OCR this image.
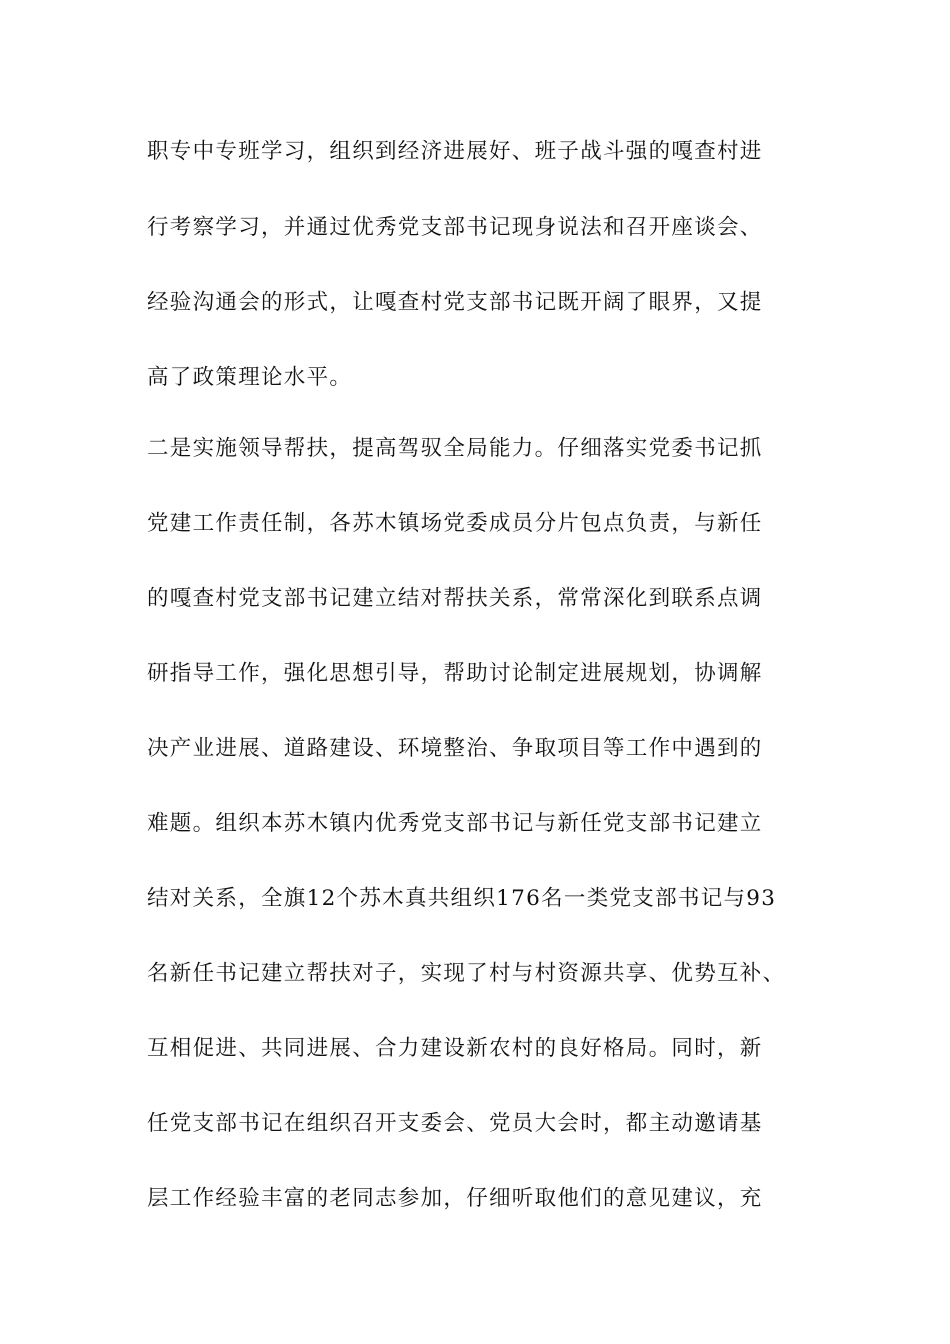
职专中专班学习，组织到经济进展好、班子战斗强的嘎查村进
行考察学习，并通过优秀党支部书记现身说法和召开座谈会、
经验沟通会的形式，让嘎查村党支部书记既开阔了眼界，又提
高了政策理论水平。
二是实施领导帮扶，提高驾驭全局能力。仔细落实党委书记抓
党建工作责任制，各苏木镇场党委成员分片包点负责，与新任
的嘎查村党支部书记建立结对帮扶关系，常常深化到联系点调
研指导工作，强化思想引导，帮助讨论制定进展规划，协调解
决产业进展、道路建设、环境整治、争取项目等工作中遇到的
难题。组织本苏木镇内优秀党支部书记与新任党支部书记建立
结对关系，全旗12个苏木真共组织176名一类党支部书记与93
名新任书记建立帮扶对子，实现了村与村资源共享、优势互补、
互相促进、共同进展、合力建设新农村的良好格局。同时，新
任党支部书记在组织召开支委会、党员大会时，都主动邀请基
层工作经验丰富的老同志参加，仔细听取他们的意见建议，充
